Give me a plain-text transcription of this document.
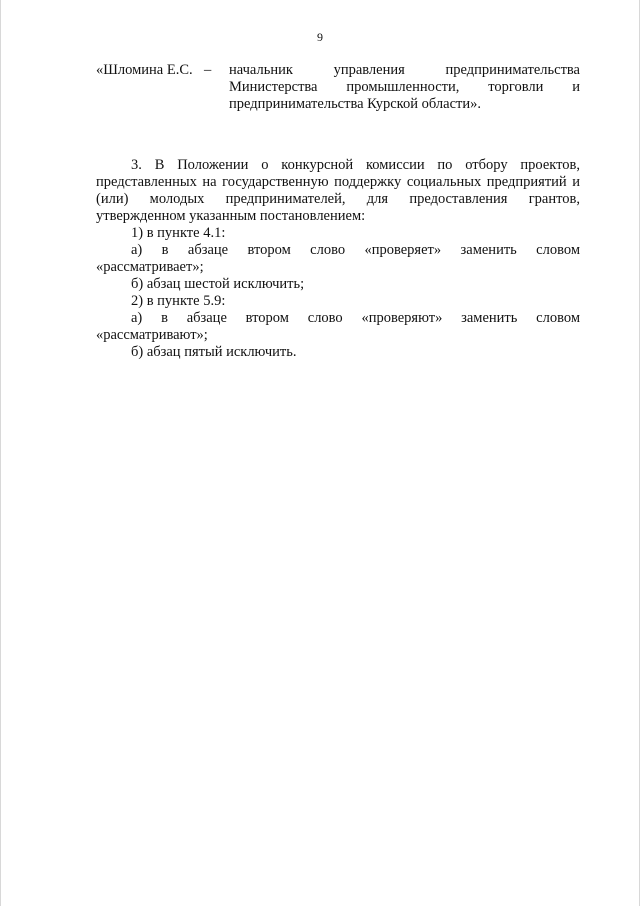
9
«Шломина Е.С. – начальник управления предпринимательства Министерства промышленности, торговли и предпринимательства Курской области».

3. В Положении о конкурсной комиссии по отбору проектов, представленных на государственную поддержку социальных предприятий и (или) молодых предпринимателей, для предоставления грантов, утвержденном указанным постановлением:

1) в пункте 4.1:

а) в абзаце втором слово «проверяет» заменить словом «рассматривает»;

б) абзац шестой исключить;

2) в пункте 5.9:

а) в абзаце втором слово «проверяют» заменить словом «рассматривают»;

б) абзац пятый исключить.
